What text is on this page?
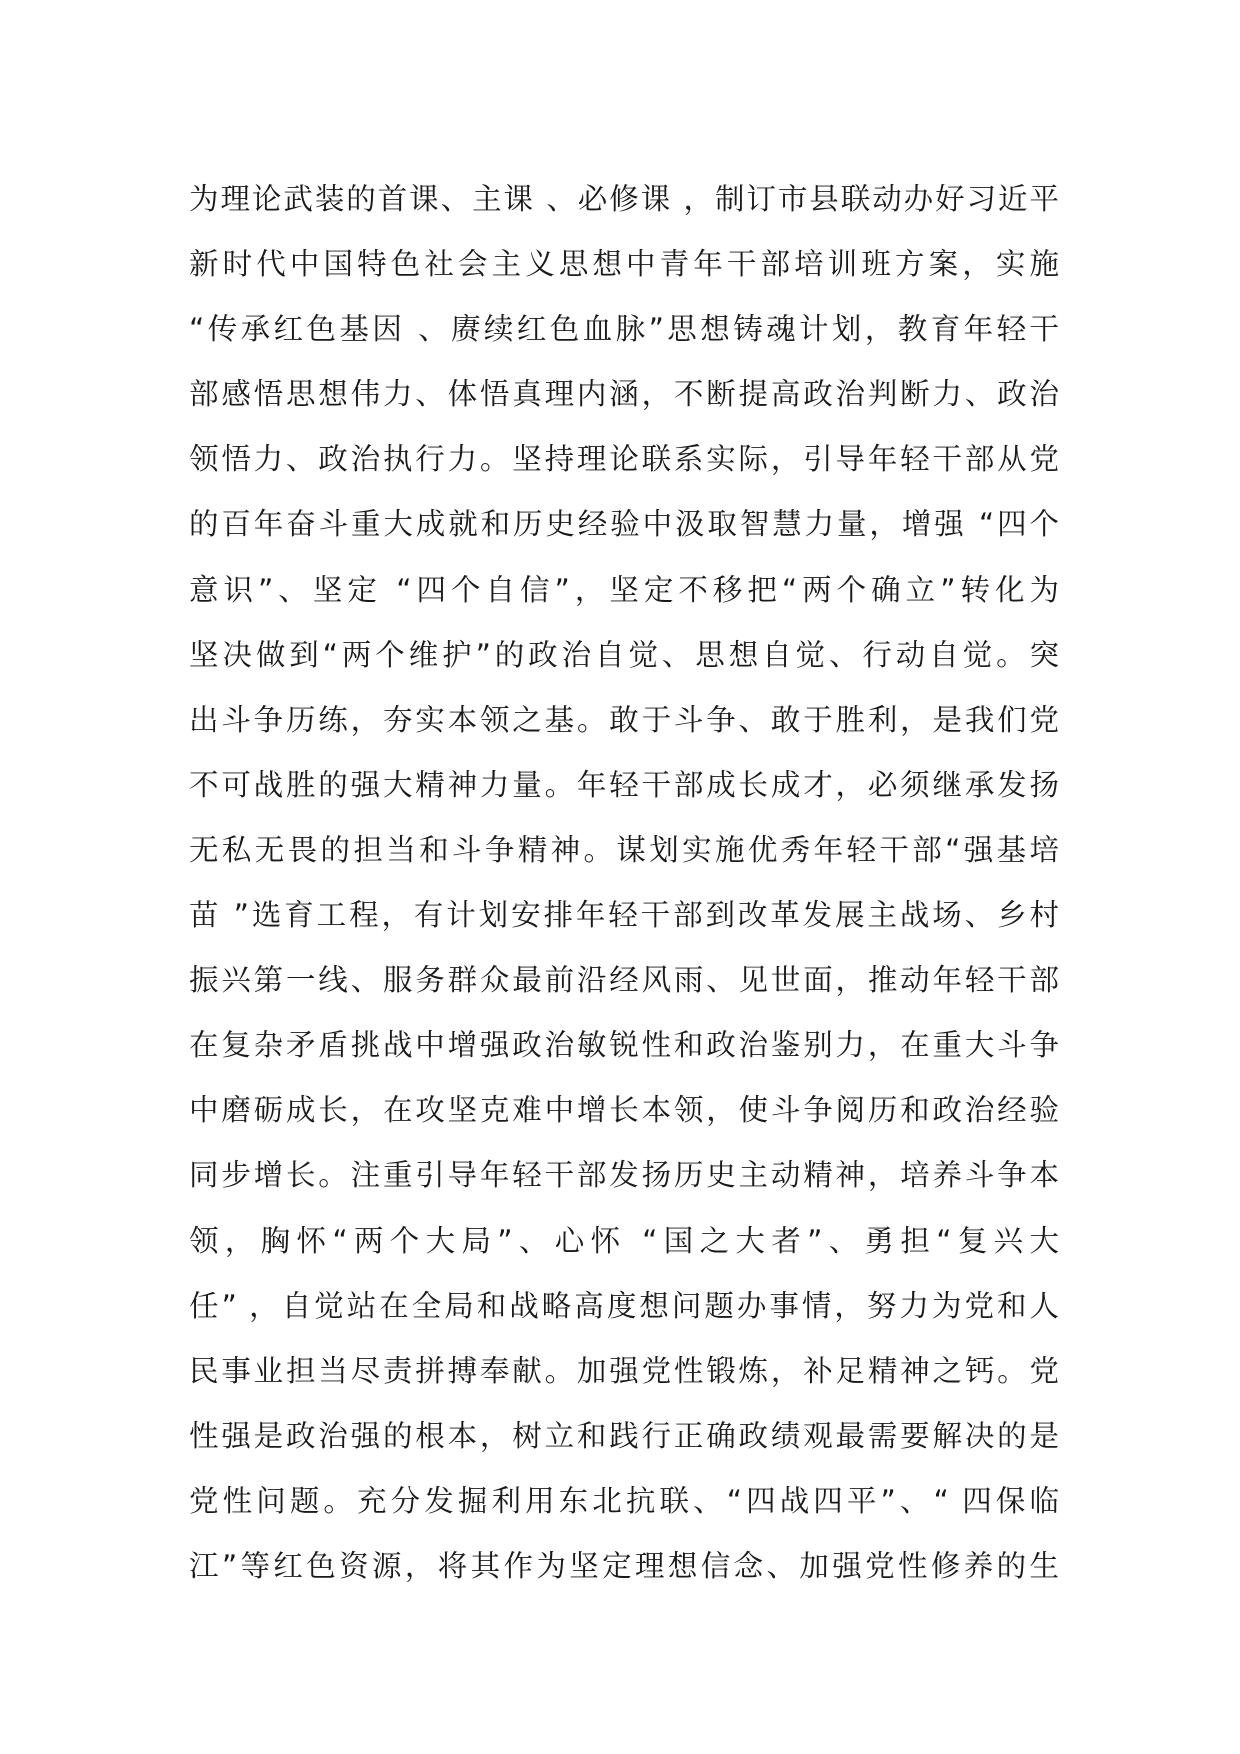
为理论武装的首课、主课 、必修课 ，制订市县联动办好习近平
新时代中国特色社会主义思想中青年干部培训班方案，实施
“传承红色基因 、赓续红色血脉”思想铸魂计划，教育年轻干
部感悟思想伟力、体悟真理内涵，不断提高政治判断力、政治
领悟力、政治执行力。坚持理论联系实际，引导年轻干部从党
的百年奋斗重大成就和历史经验中汲取智慧力量，增强 “四个
意识”、坚定 “四个自信”，坚定不移把“两个确立”转化为
坚决做到“两个维护”的政治自觉、思想自觉、行动自觉。突
出斗争历练，夯实本领之基。敢于斗争、敢于胜利，是我们党
不可战胜的强大精神力量。年轻干部成长成才，必须继承发扬
无私无畏的担当和斗争精神。谋划实施优秀年轻干部“强基培
苗 ”选育工程，有计划安排年轻干部到改革发展主战场、乡村
振兴第一线、服务群众最前沿经风雨、见世面，推动年轻干部
在复杂矛盾挑战中增强政治敏锐性和政治鉴别力，在重大斗争
中磨砺成长，在攻坚克难中增长本领，使斗争阅历和政治经验
同步增长。注重引导年轻干部发扬历史主动精神，培养斗争本
领，胸怀“两个大局”、心怀 “国之大者”、勇担“复兴大
任” ，自觉站在全局和战略高度想问题办事情，努力为党和人
民事业担当尽责拼搏奉献。加强党性锻炼，补足精神之钙。党
性强是政治强的根本，树立和践行正确政绩观最需要解决的是
党性问题。充分发掘利用东北抗联、“四战四平”、“ 四保临
江”等红色资源，将其作为坚定理想信念、加强党性修养的生
